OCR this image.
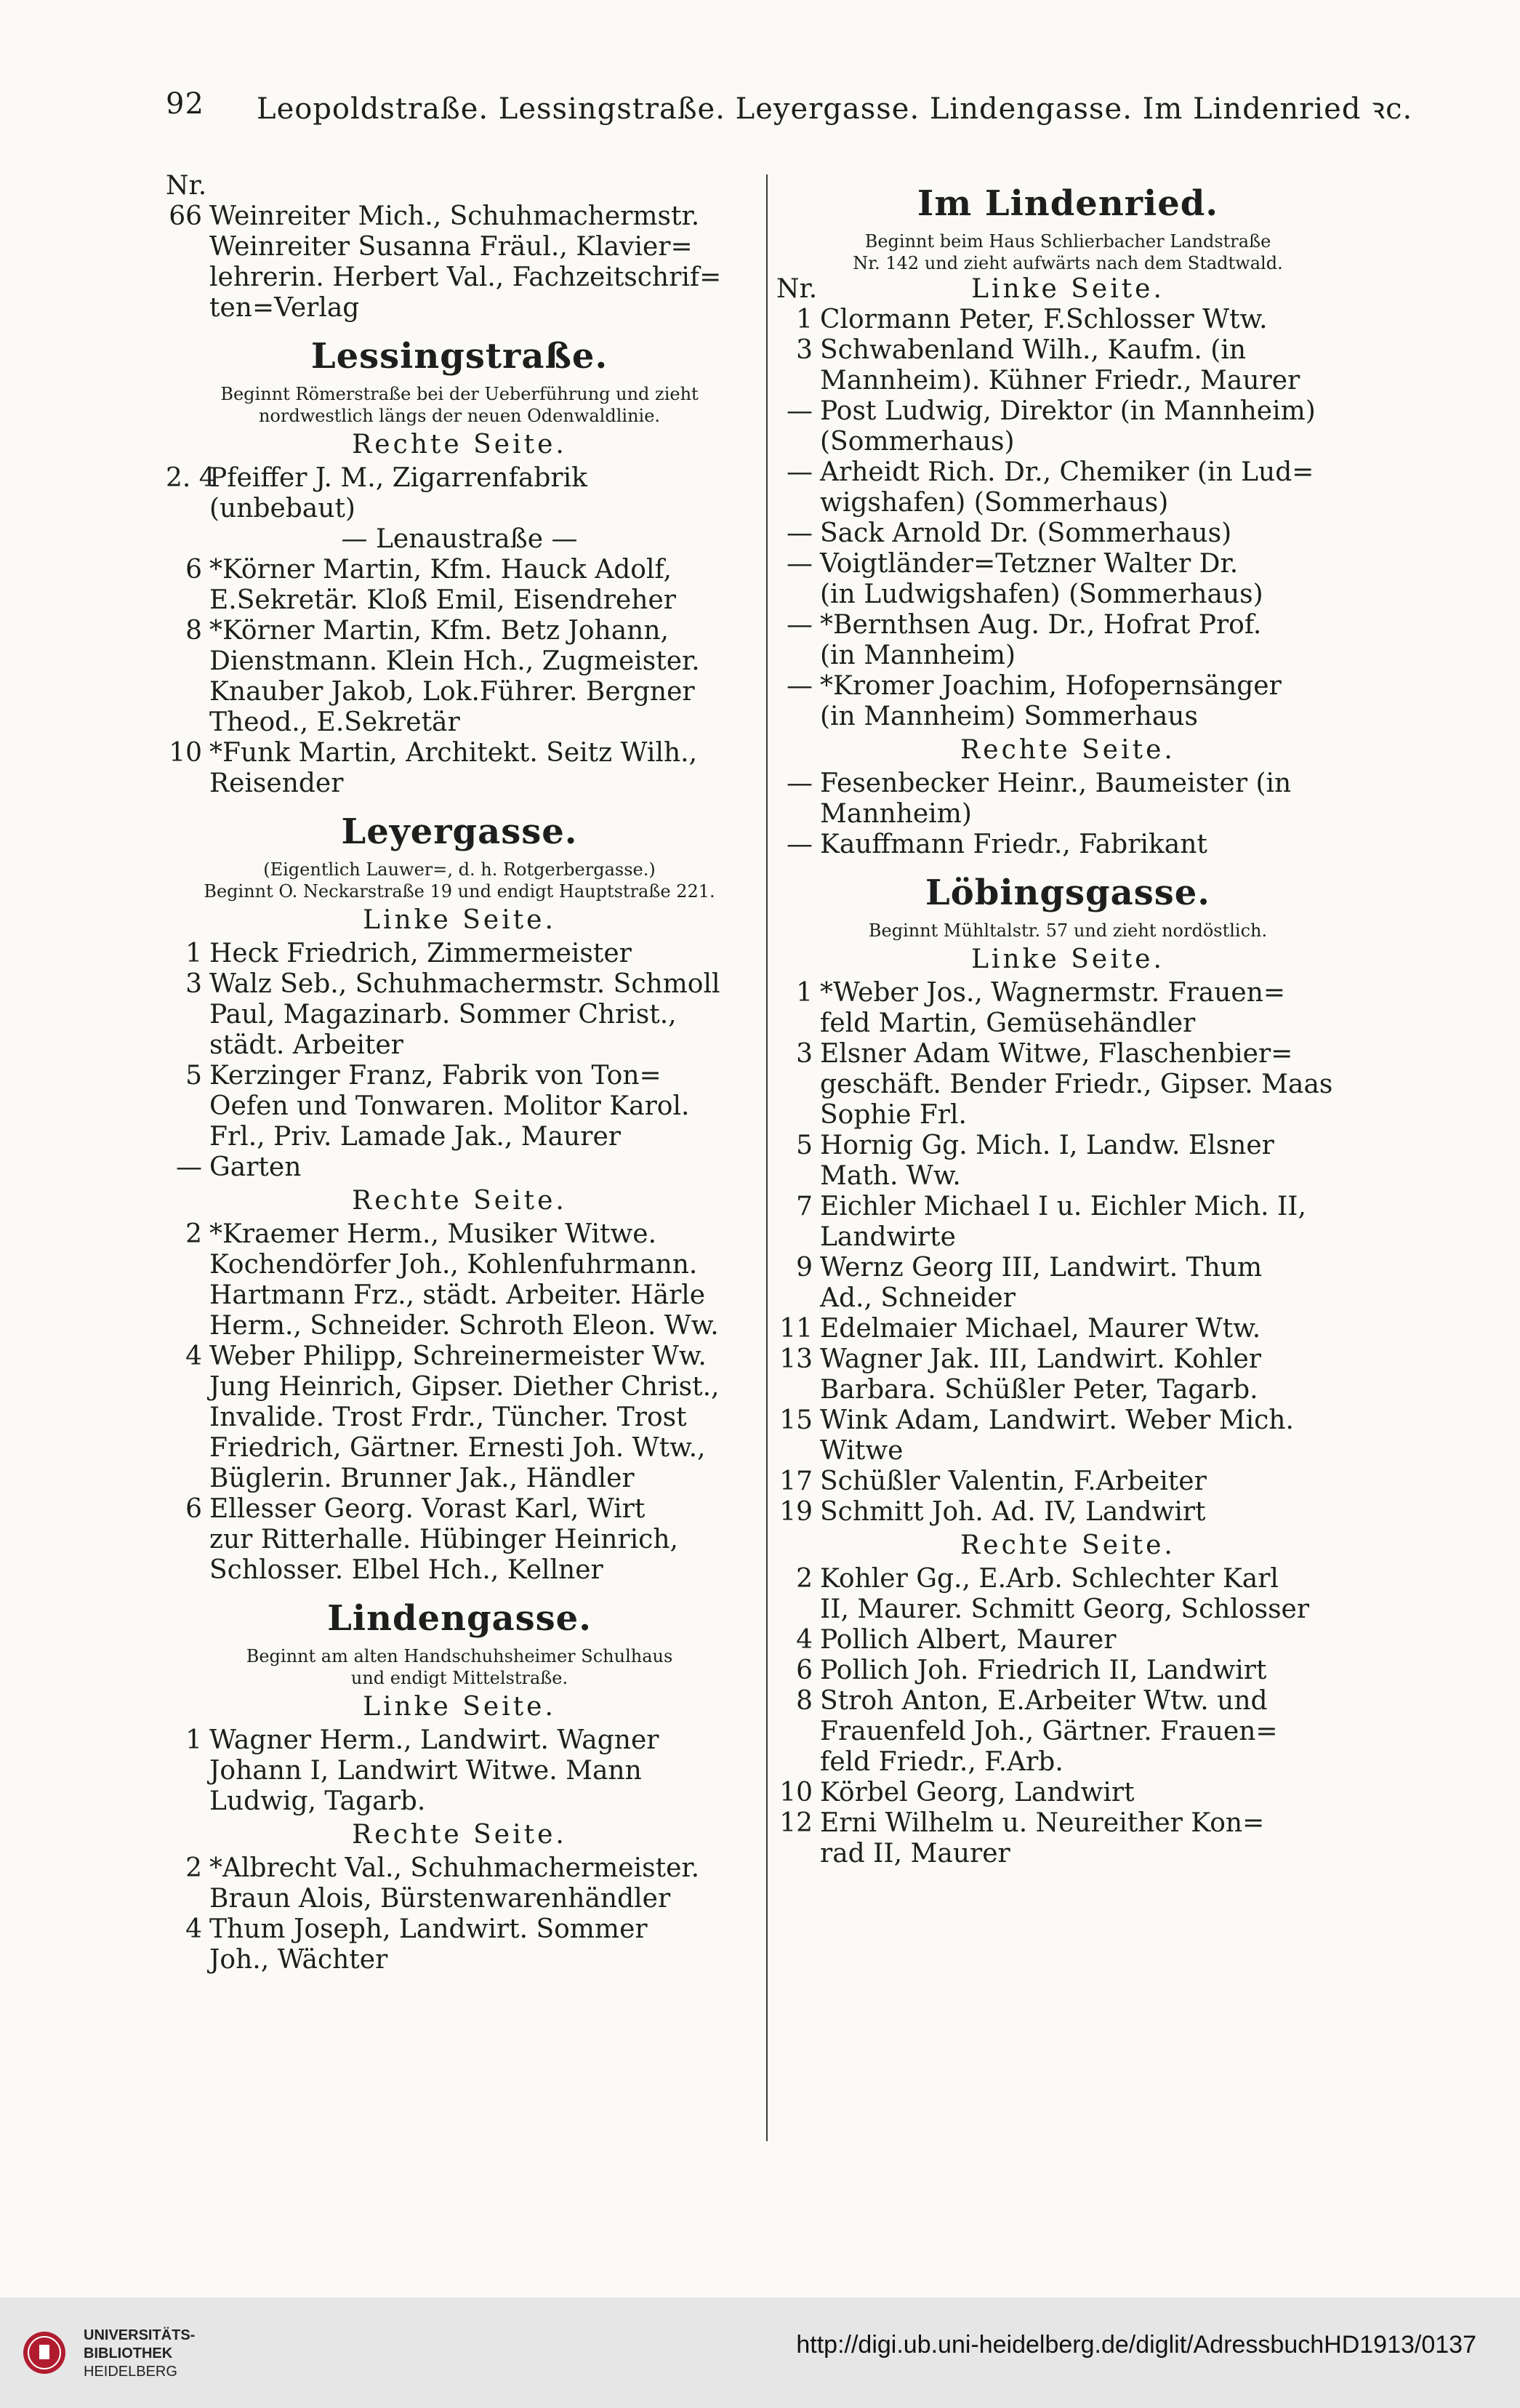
92 Leopoldstraße. Lessingstraße. Leyergasse. Lindengasse. Im Lindenried ꝛc.
Nr.
66 Weinreiter Mich., Schuhmachermstr.
Weinreiter Susanna Fräul., Klavier=
lehrerin. Herbert Val., Fachzeitschrif=
ten=Verlag
Lessingstraße.
Beginnt Römerstraße bei der Ueberführung und zieht
nordwestlich längs der neuen Odenwaldlinie.
Rechte Seite.
2. 4
Pfeiffer J. M., Zigarrenfabrik
(unbebaut)
— Lenaustraße —
6 *Körner Martin, Kfm. Hauck Adolf,
E.Sekretär. Kloß Emil, Eisendreher
8 *Körner Martin, Kfm. Betz Johann,
Dienstmann. Klein Hch., Zugmeister.
Knauber Jakob, Lok.Führer. Bergner
Theod., E.Sekretär
10 *Funk Martin, Architekt. Seitz Wilh.,
Reisender
Leyergasse.
(Eigentlich Lauwer=, d. h. Rotgerbergasse.)
Beginnt O. Neckarstraße 19 und endigt Hauptstraße 221.
Linke Seite.
1 Heck Friedrich, Zimmermeister
3 Walz Seb., Schuhmachermstr. Schmoll
Paul, Magazinarb. Sommer Christ.,
städt. Arbeiter
5 Kerzinger Franz, Fabrik von Ton=
Oefen und Tonwaren. Molitor Karol.
Frl., Priv. Lamade Jak., Maurer
— Garten
Rechte Seite.
2 *Kraemer Herm., Musiker Witwe.
Kochendörfer Joh., Kohlenfuhrmann.
Hartmann Frz., städt. Arbeiter. Härle
Herm., Schneider. Schroth Eleon. Ww.
4 Weber Philipp, Schreinermeister Ww.
Jung Heinrich, Gipser. Diether Christ.,
Invalide. Trost Frdr., Tüncher. Trost
Friedrich, Gärtner. Ernesti Joh. Wtw.,
Büglerin. Brunner Jak., Händler
6 Ellesser Georg. Vorast Karl, Wirt
zur Ritterhalle. Hübinger Heinrich,
Schlosser. Elbel Hch., Kellner
Lindengasse.
Beginnt am alten Handschuhsheimer Schulhaus
und endigt Mittelstraße.
Linke Seite.
1 Wagner Herm., Landwirt. Wagner
Johann I, Landwirt Witwe. Mann
Ludwig, Tagarb.
Rechte Seite.
2 *Albrecht Val., Schuhmachermeister.
Braun Alois, Bürstenwarenhändler
4 Thum Joseph, Landwirt. Sommer
Joh., Wächter
Im Lindenried.
Beginnt beim Haus Schlierbacher Landstraße
Nr. 142 und zieht aufwärts nach dem Stadtwald.
Nr.	Linke Seite.
1 Clormann Peter, F.Schlosser Wtw.
3 Schwabenland Wilh., Kaufm. (in
Mannheim). Kühner Friedr., Maurer
— Post Ludwig, Direktor (in Mannheim)
(Sommerhaus)
— Arheidt Rich. Dr., Chemiker (in Lud=
wigshafen) (Sommerhaus)
— Sack Arnold Dr. (Sommerhaus)
— Voigtländer=Tetzner Walter Dr.
(in Ludwigshafen) (Sommerhaus)
— *Bernthsen Aug. Dr., Hofrat Prof.
(in Mannheim)
— *Kromer Joachim, Hofopernsänger
(in Mannheim) Sommerhaus
Rechte Seite.
— Fesenbecker Heinr., Baumeister (in
Mannheim)
— Kauffmann Friedr., Fabrikant
Löbingsgasse.
Beginnt Mühltalstr. 57 und zieht nordöstlich.
Linke Seite.
1 *Weber Jos., Wagnermstr. Frauen=
feld Martin, Gemüsehändler
3 Elsner Adam Witwe, Flaschenbier=
geschäft. Bender Friedr., Gipser. Maas
Sophie Frl.
5 Hornig Gg. Mich. I, Landw. Elsner
Math. Ww.
7 Eichler Michael I u. Eichler Mich. II,
Landwirte
9 Wernz Georg III, Landwirt. Thum
Ad., Schneider
11 Edelmaier Michael, Maurer Wtw.
13 Wagner Jak. III, Landwirt. Kohler
Barbara. Schüßler Peter, Tagarb.
15 Wink Adam, Landwirt. Weber Mich.
Witwe
17 Schüßler Valentin, F.Arbeiter
19 Schmitt Joh. Ad. IV, Landwirt
Rechte Seite.
2 Kohler Gg., E.Arb. Schlechter Karl
II, Maurer. Schmitt Georg, Schlosser
4 Pollich Albert, Maurer
6 Pollich Joh. Friedrich II, Landwirt
8 Stroh Anton, E.Arbeiter Wtw. und
Frauenfeld Joh., Gärtner. Frauen=
feld Friedr., F.Arb.
10 Körbel Georg, Landwirt
12 Erni Wilhelm u. Neureither Kon=
rad II, Maurer
UNIVERSITÄTS-
BIBLIOTHEK
HEIDELBERG
http://digi.ub.uni-heidelberg.de/diglit/AdressbuchHD1913/0137
